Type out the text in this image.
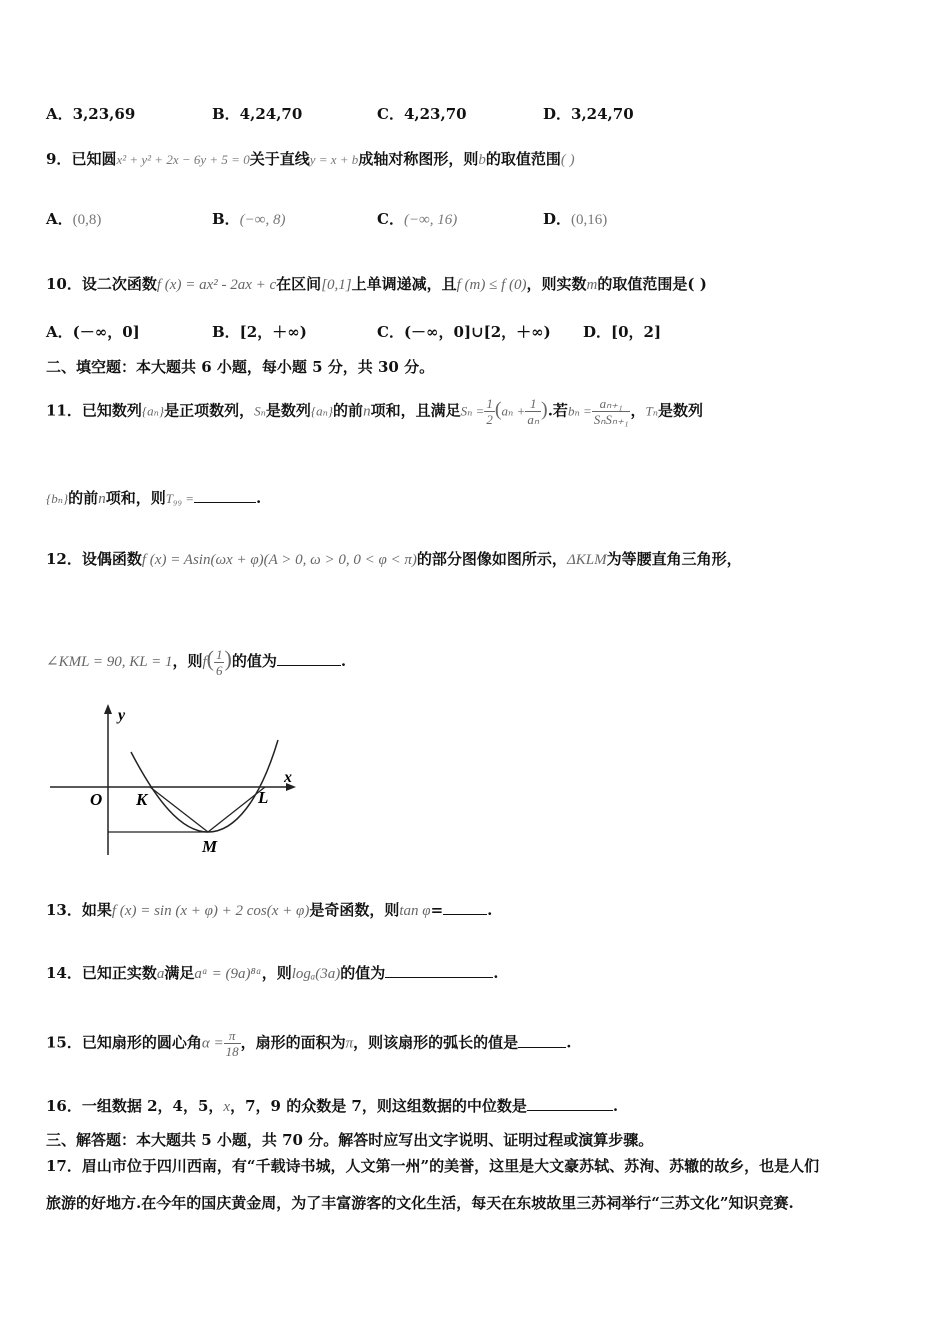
A．3,23,69	B．4,24,70	C．4,23,70	D．3,24,70
9．已知圆x² + y² + 2x − 6y + 5 = 0关于直线y = x + b成轴对称图形，则b的取值范围( )
A．(0,8)	B．(−∞, 8)	C．(−∞, 16)	D．(0,16)
10．设二次函数f (x) = ax² - 2ax + c在区间[0,1]上单调递减，且f (m) ≤ f (0)，则实数m的取值范围是( )
A．(－∞，0]	B．[2，＋∞)	C．(－∞，0]∪[2，＋∞) D．[0，2]
二、填空题：本大题共 6 小题，每小题 5 分，共 30 分。
11．已知数列{aₙ}是正项数列，Sₙ是数列{aₙ}的前n项和，且满足$S_n = \frac{1}{2} (a_n + \frac{1}{\text{aₙ}}$ ).若$b_n = \frac{\text{aₙ₊₁}}{\text{SₙSₙ₊₁}}$ ，Tₙ是数列
{bₙ}的前n项和，则T₉₉ =	.
12．设偶函数f (x) = Asin(ωx + φ)(A > 0, ω > 0, 0 < φ < π)的部分图像如图所示，ΔKLM为等腰直角三角形，
∠KML = 90, KL = 1，则$f( \frac{1}{6}$ )的值为	.
y
x
O K	L
M
13．如果f (x) = sin (x + φ) + 2 cos(x + φ)是奇函数，则tan φ=	.
14．已知正实数a满足aᵃ = (9a)⁸ᵃ，则logₐ(3a)的值为	.
15．已知扇形的圆心角$\alpha = \frac{\pi}{18}$ ，扇形的面积为π，则该扇形的弧长的值是	.
16．一组数据 2，4，5，x，7，9 的众数是 7，则这组数据的中位数是	.
三、解答题：本大题共 5 小题，共 70 分。解答时应写出文字说明、证明过程或演算步骤。
17．眉山市位于四川西南，有“千载诗书城，人文第一州”的美誉，这里是大文豪苏轼、苏洵、苏辙的故乡，也是人们
旅游的好地方.在今年的国庆黄金周，为了丰富游客的文化生活，每天在东坡故里三苏祠举行“三苏文化”知识竞赛.
